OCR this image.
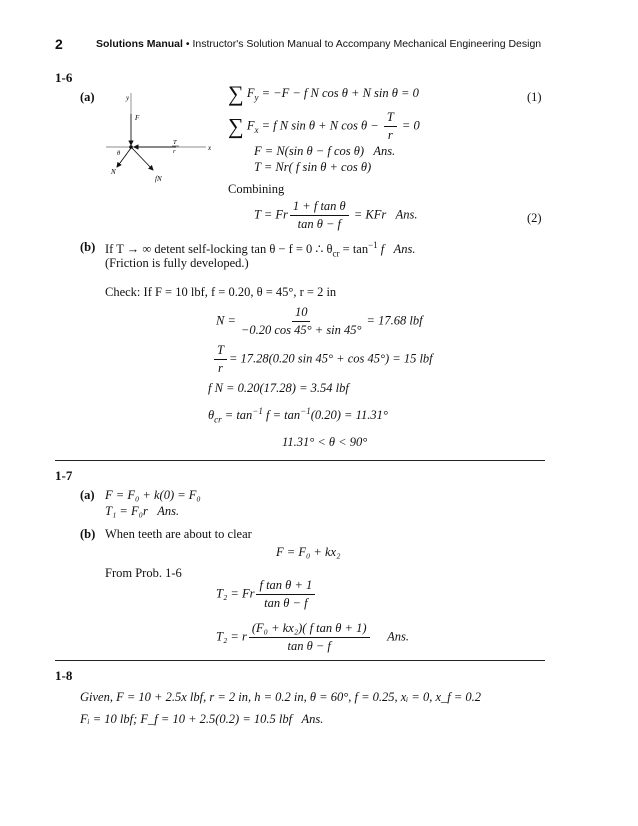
2	Solutions Manual • Instructor's Solution Manual to Accompany Mechanical Engineering Design
1-6
(a)	y
F
x
T
r
θ
N
fN
∑ $F_y = -F - f$ N cos θ + N sin θ = 0	(1)
∑ $F_x = f$ N sin θ + N $\cos \theta - \frac{T}{r} = 0$
F = N(sin θ − f cos θ) Ans.
T = Nr( f sin θ + cos θ)
Combining
T = Fr $\frac{\text{1 + f tan θ}}{\text{tan θ − f}}$ = KFr Ans.	(2)
(b) If T → ∞ detent self-locking tan θ − f = 0 ∴ $\theta_{cr} = \tan^{-1} f$ Ans.
(Friction is fully developed.)
Check: If F = 10 lbf, f = 0.20, θ = 45°, r = 2 in
$N = \frac{10}{-0.20 \cos 45^\circ + \sin 45^\circ} = 17.68$ lbf
$\frac{T}{r} = 17.28(0.20$ sin 45° + cos 45°) = 15 lbf
f N = 0.20(17.28) = 3.54 lbf
$\theta_{cr} = \tan^{-1} f = \tan^{-1}(0.20) = 11.31^\circ$
11.31° < θ < 90°
1-7
(a) F = F₀ + k(0) = F₀
T₁ = F₀r Ans.
(b) When teeth are about to clear
F = F₀ + kx₂
From Prob. 1-6
T₂ = Fr $\frac{\text{f tan θ + 1}}{\text{tan θ − f}}$
T₂ = r $\frac{\text{(F₀ + kx₂)( f tan θ + 1)}}{\text{tan θ − f}}$ Ans.
1-8
Given, F = 10 + 2.5x lbf, r = 2 in, h = 0.2 in, θ = 60°, f = 0.25, xᵢ = 0, x_f = 0.2
Fᵢ = 10 lbf; F_f = 10 + 2.5(0.2) = 10.5 lbf Ans.
